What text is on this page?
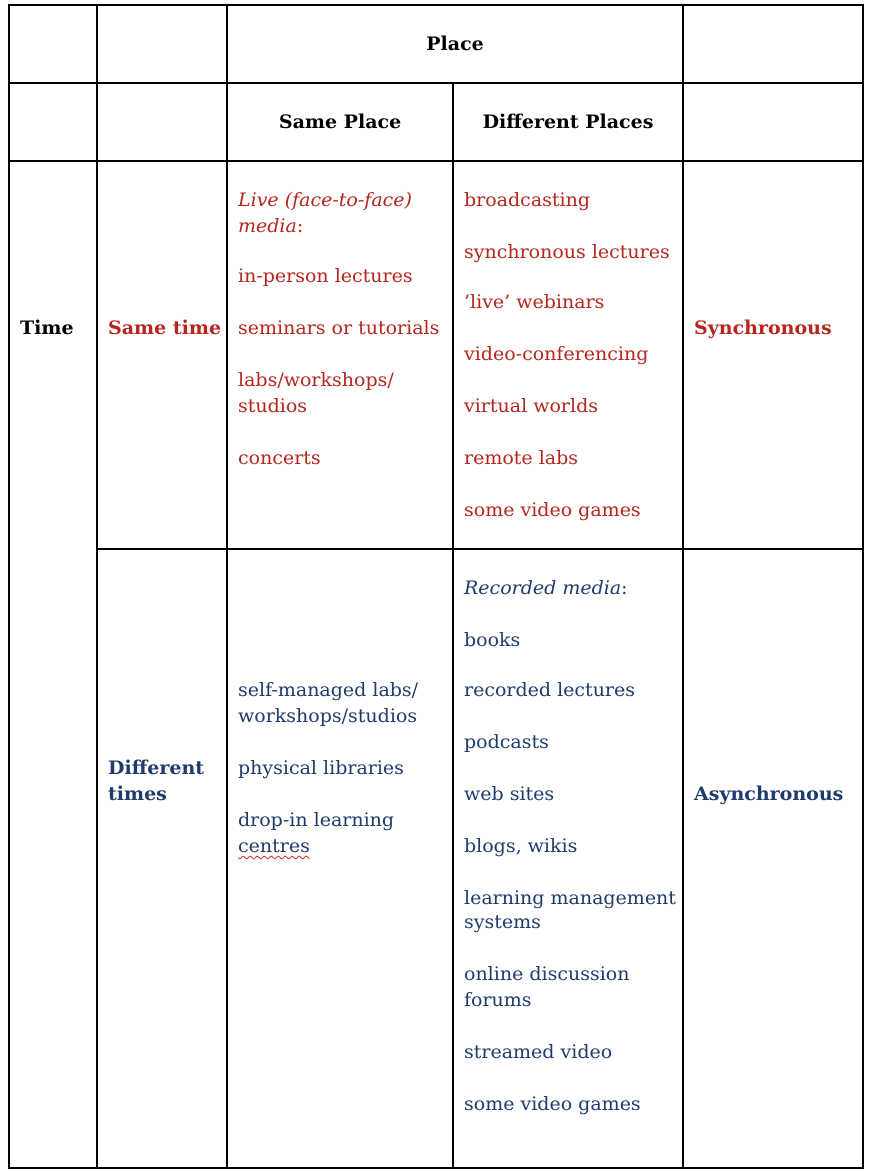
Place
Same Place	Different Places
Time Same time

Different

times

Synchronous
Asynchronous

Live (face-to-face)

media:

in-person lectures

seminars or tutorials

labs/workshops/

studios

concerts

broadcasting

synchronous lectures

’live’ webinars

video-conferencing

virtual worlds

remote labs

some video games

self-managed labs/

workshops/studios

physical libraries

drop-in learning

centres

Recorded media:

books

recorded lectures

podcasts

web sites

blogs, wikis

learning management

systems

online discussion

forums

streamed video

some video games
